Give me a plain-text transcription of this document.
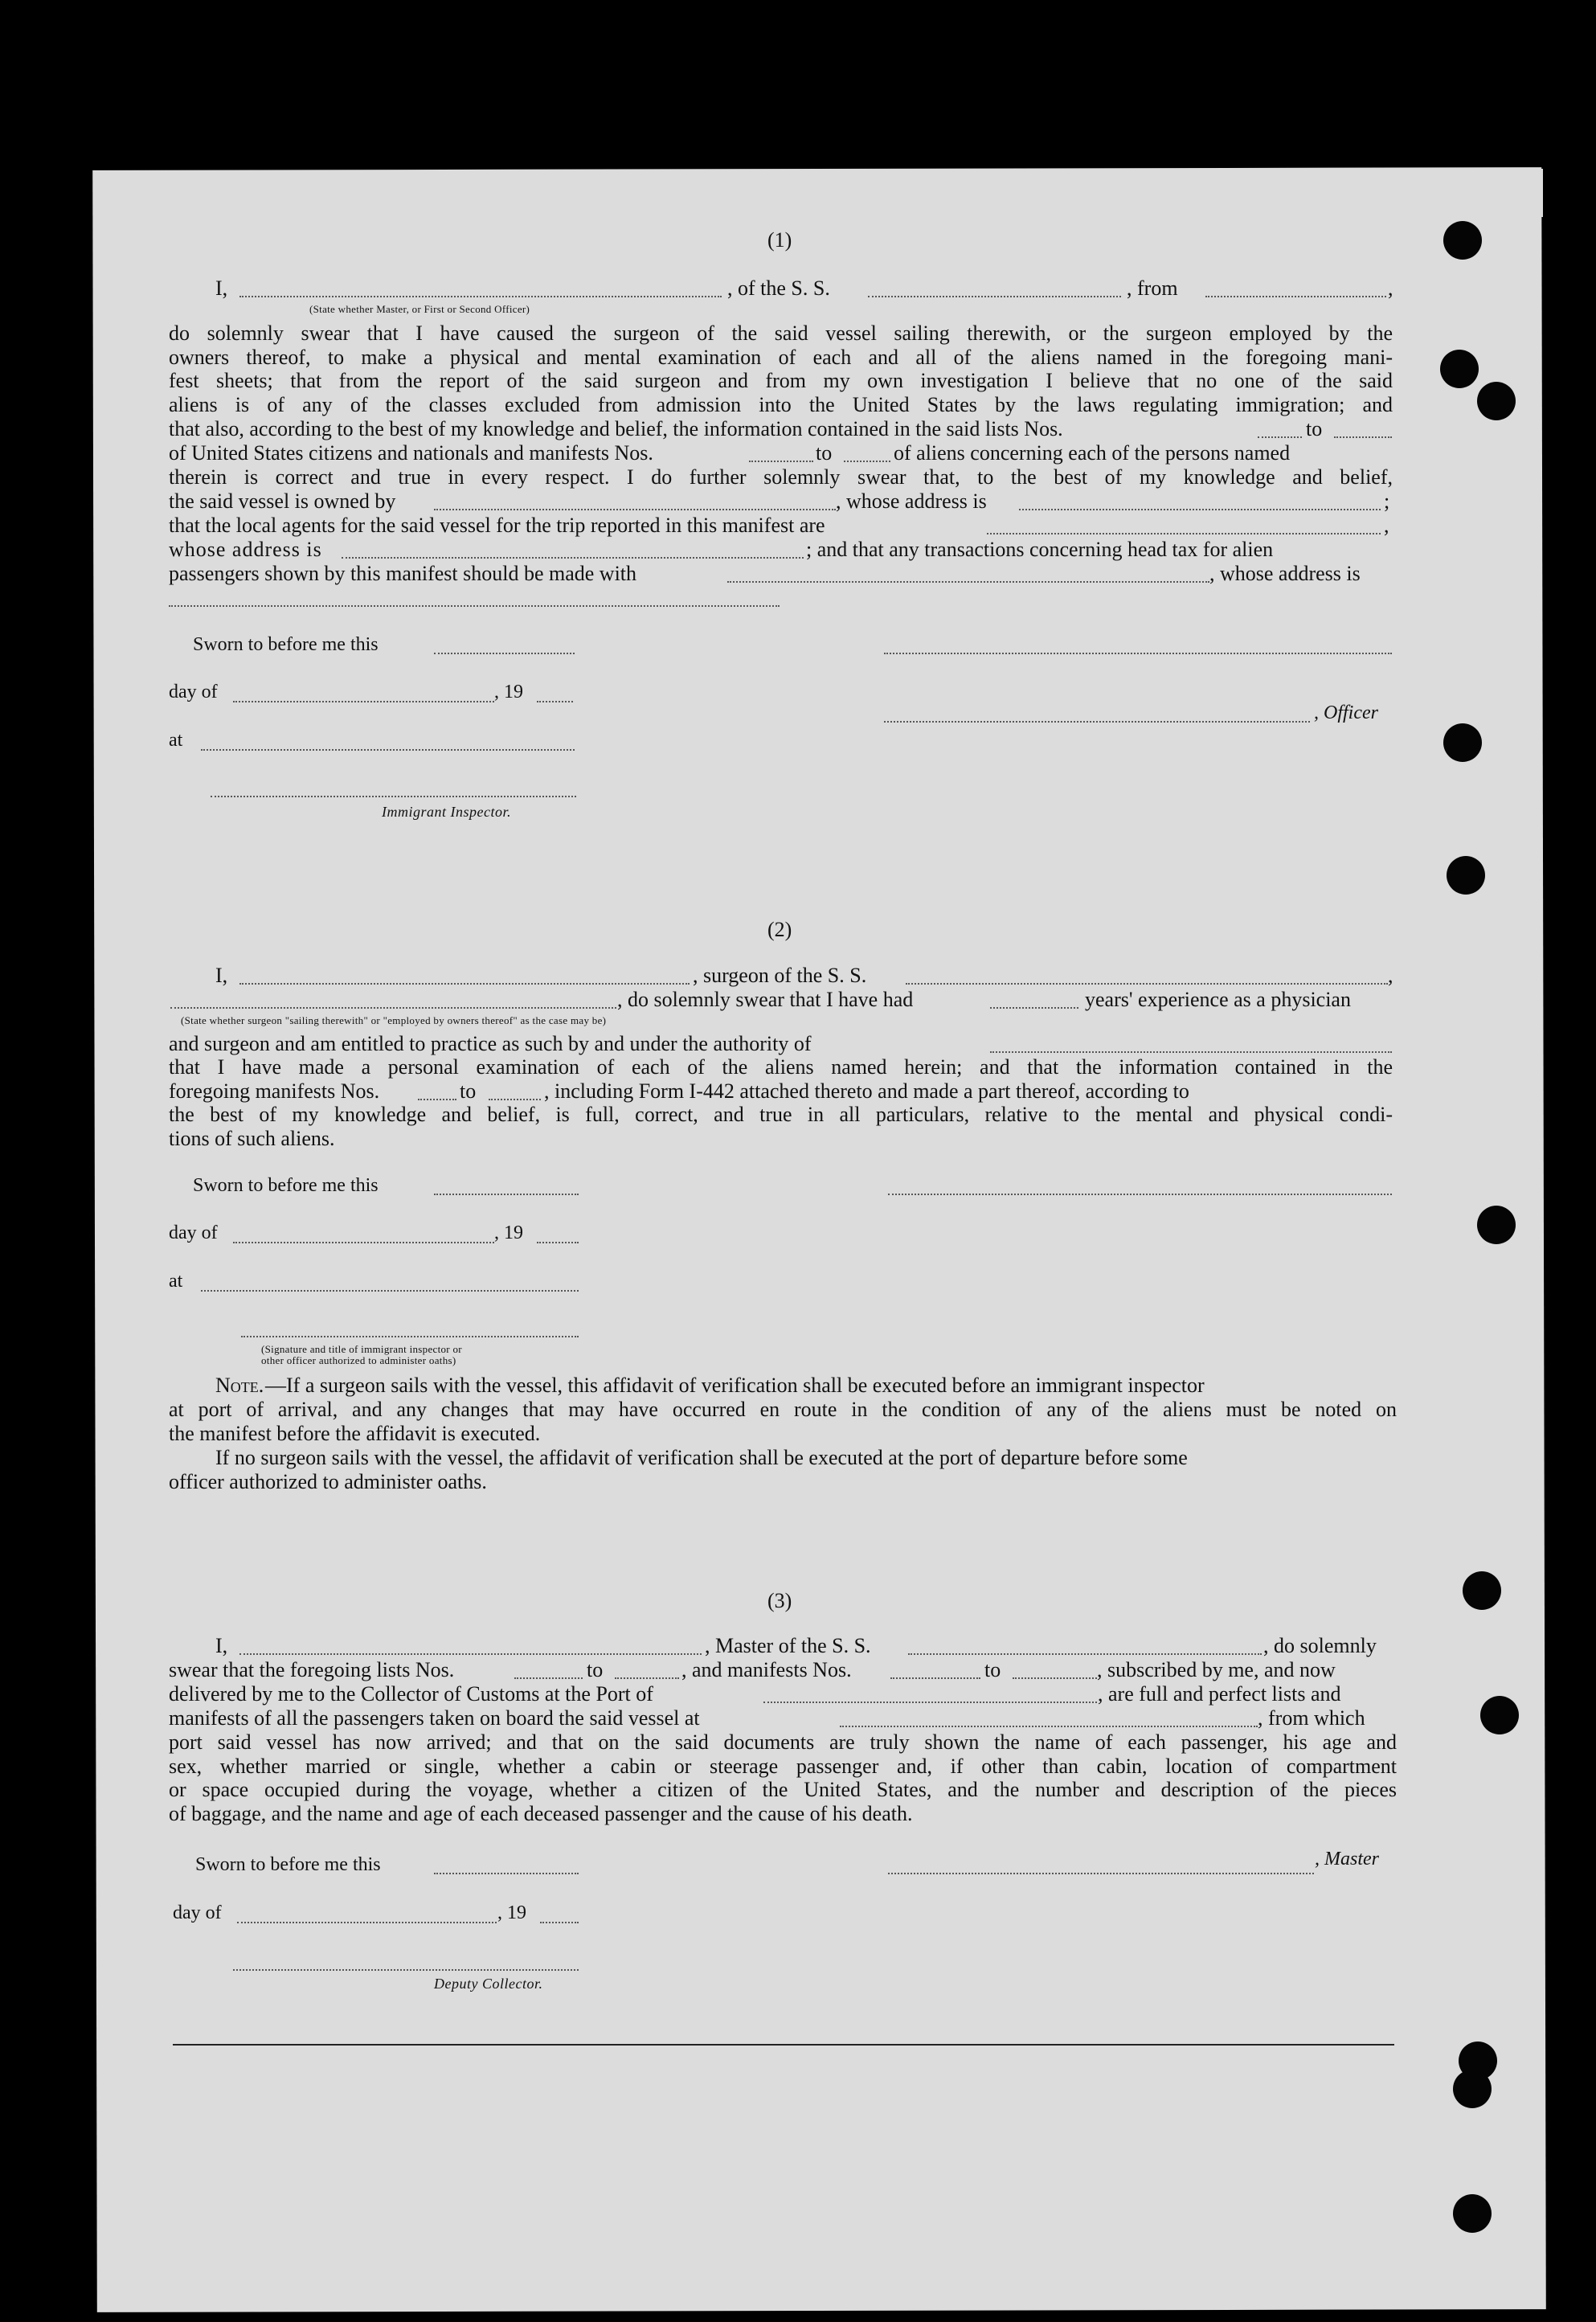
(1)
I,	, of the S. S.	, from	,
(State whether Master, or First or Second Officer)
do solemnly swear that I have caused the surgeon of the said vessel sailing therewith, or the surgeon employed by the
owners thereof, to make a physical and mental examination of each and all of the aliens named in the foregoing mani-
fest sheets; that from the report of the said surgeon and from my own investigation I believe that no one of the said
aliens is of any of the classes excluded from admission into the United States by the laws regulating immigration; and
that also, according to the best of my knowledge and belief, the information contained in the said lists Nos.	to
of United States citizens and nationals and manifests Nos.	to	of aliens concerning each of the persons named
therein is correct and true in every respect. I do further solemnly swear that, to the best of my knowledge and belief,
the said vessel is owned by	, whose address is	;
that the local agents for the said vessel for the trip reported in this manifest are	,
whose address is	; and that any transactions concerning head tax for alien
passengers shown by this manifest should be made with	, whose address is
Sworn to before me this
day of	, 19
, Officer
at
Immigrant Inspector.
(2)
I,	, surgeon of the S. S.	,
, do solemnly swear that I have had	years' experience as a physician
(State whether surgeon "sailing therewith" or "employed by owners thereof" as the case may be)
and surgeon and am entitled to practice as such by and under the authority of
that I have made a personal examination of each of the aliens named herein; and that the information contained in the
foregoing manifests Nos.	to	, including Form I-442 attached thereto and made a part thereof, according to
the best of my knowledge and belief, is full, correct, and true in all particulars, relative to the mental and physical condi-
tions of such aliens.
Sworn to before me this
day of	, 19
at
(Signature and title of immigrant inspector or
other officer authorized to administer oaths)
Note. —If a surgeon sails with the vessel, this affidavit of verification shall be executed before an immigrant inspector
at port of arrival, and any changes that may have occurred en route in the condition of any of the aliens must be noted on
the manifest before the affidavit is executed.
If no surgeon sails with the vessel, the affidavit of verification shall be executed at the port of departure before some
officer authorized to administer oaths.
(3)
I,	, Master of the S. S.	, do solemnly
swear that the foregoing lists Nos.	to	, and manifests Nos.	to	, subscribed by me, and now
delivered by me to the Collector of Customs at the Port of	, are full and perfect lists and
manifests of all the passengers taken on board the said vessel at	, from which
port said vessel has now arrived; and that on the said documents are truly shown the name of each passenger, his age and
sex, whether married or single, whether a cabin or steerage passenger and, if other than cabin, location of compartment
or space occupied during the voyage, whether a citizen of the United States, and the number and description of the pieces
of baggage, and the name and age of each deceased passenger and the cause of his death.
Sworn to before me this	, Master
day of	, 19
Deputy Collector.
